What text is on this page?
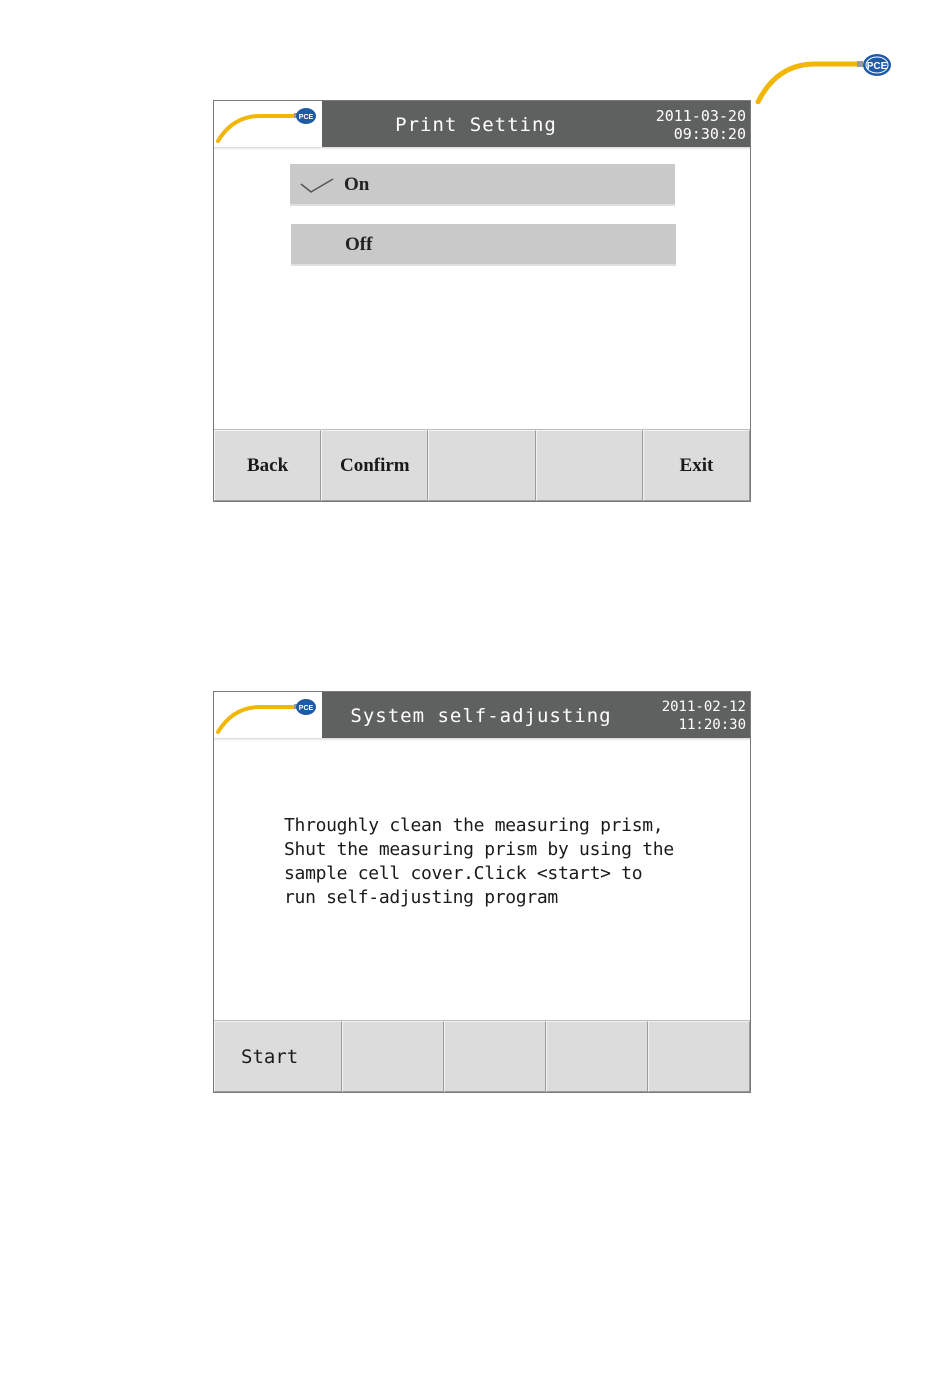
PCE
PCE	Print Setting	2011-03-20
09:30:20
On
Off
Back	Confirm	Exit
PCE	System self-adjusting	2011-02-12
11:20:30
Throughly clean the measuring prism,
Shut the measuring prism by using the
sample cell cover.Click <start> to
run self-adjusting program
Start
